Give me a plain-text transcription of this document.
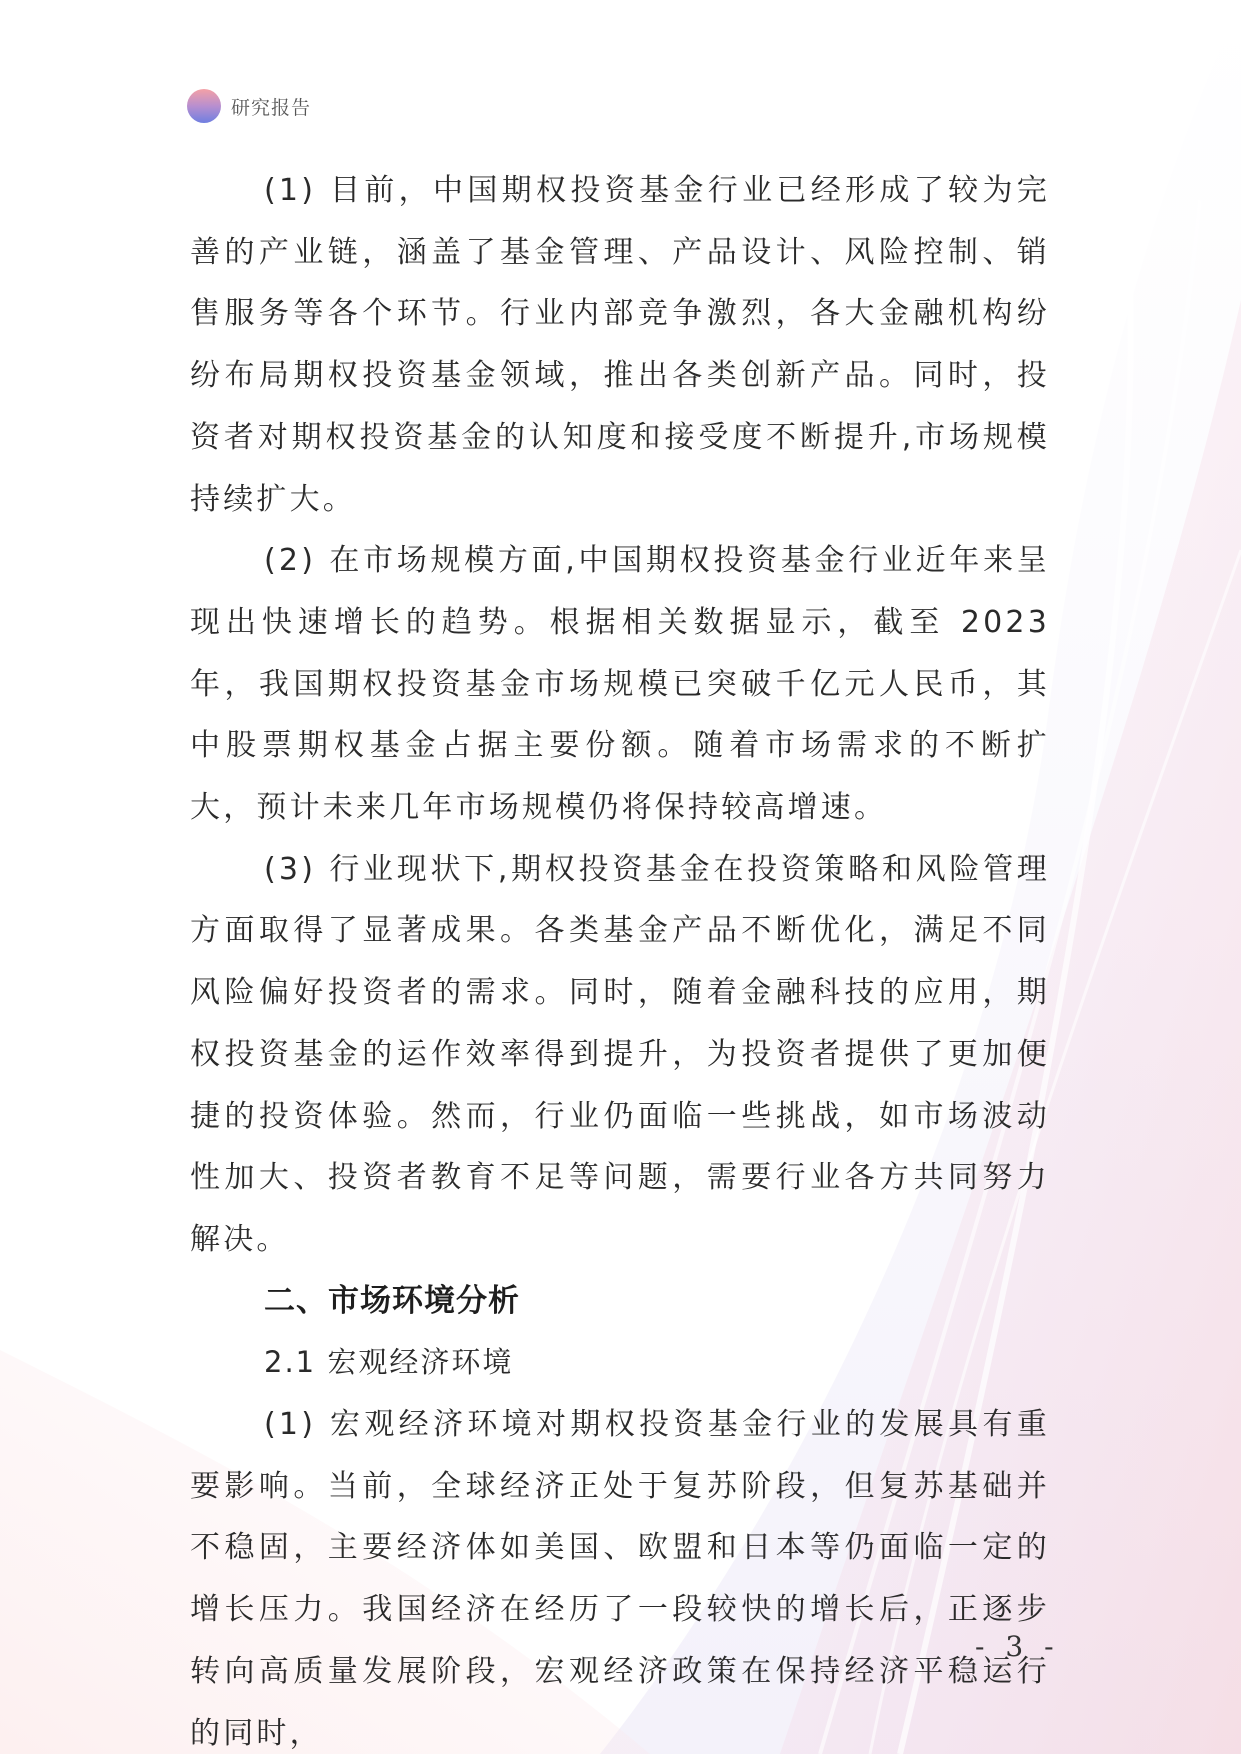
研究报告

(1) 目前，中国期权投资基金行业已经形成了较为完善的产业链，涵盖了基金管理、产品设计、风险控制、销售服务等各个环节。行业内部竞争激烈，各大金融机构纷纷布局期权投资基金领域，推出各类创新产品。同时，投资者对期权投资基金的认知度和接受度不断提升,市场规模持续扩大。

(2) 在市场规模方面,中国期权投资基金行业近年来呈现出快速增长的趋势。根据相关数据显示，截至 2023 年，我国期权投资基金市场规模已突破千亿元人民币，其中股票期权基金占据主要份额。随着市场需求的不断扩大，预计未来几年市场规模仍将保持较高增速。

(3) 行业现状下,期权投资基金在投资策略和风险管理方面取得了显著成果。各类基金产品不断优化，满足不同风险偏好投资者的需求。同时，随着金融科技的应用，期权投资基金的运作效率得到提升，为投资者提供了更加便捷的投资体验。然而，行业仍面临一些挑战，如市场波动性加大、投资者教育不足等问题，需要行业各方共同努力解决。

二、市场环境分析

2.1 宏观经济环境

(1) 宏观经济环境对期权投资基金行业的发展具有重要影响。当前，全球经济正处于复苏阶段，但复苏基础并不稳固，主要经济体如美国、欧盟和日本等仍面临一定的增长压力。我国经济在经历了一段较快的增长后，正逐步转向高质量发展阶段，宏观经济政策在保持经济平稳运行的同时，

- 3 -
